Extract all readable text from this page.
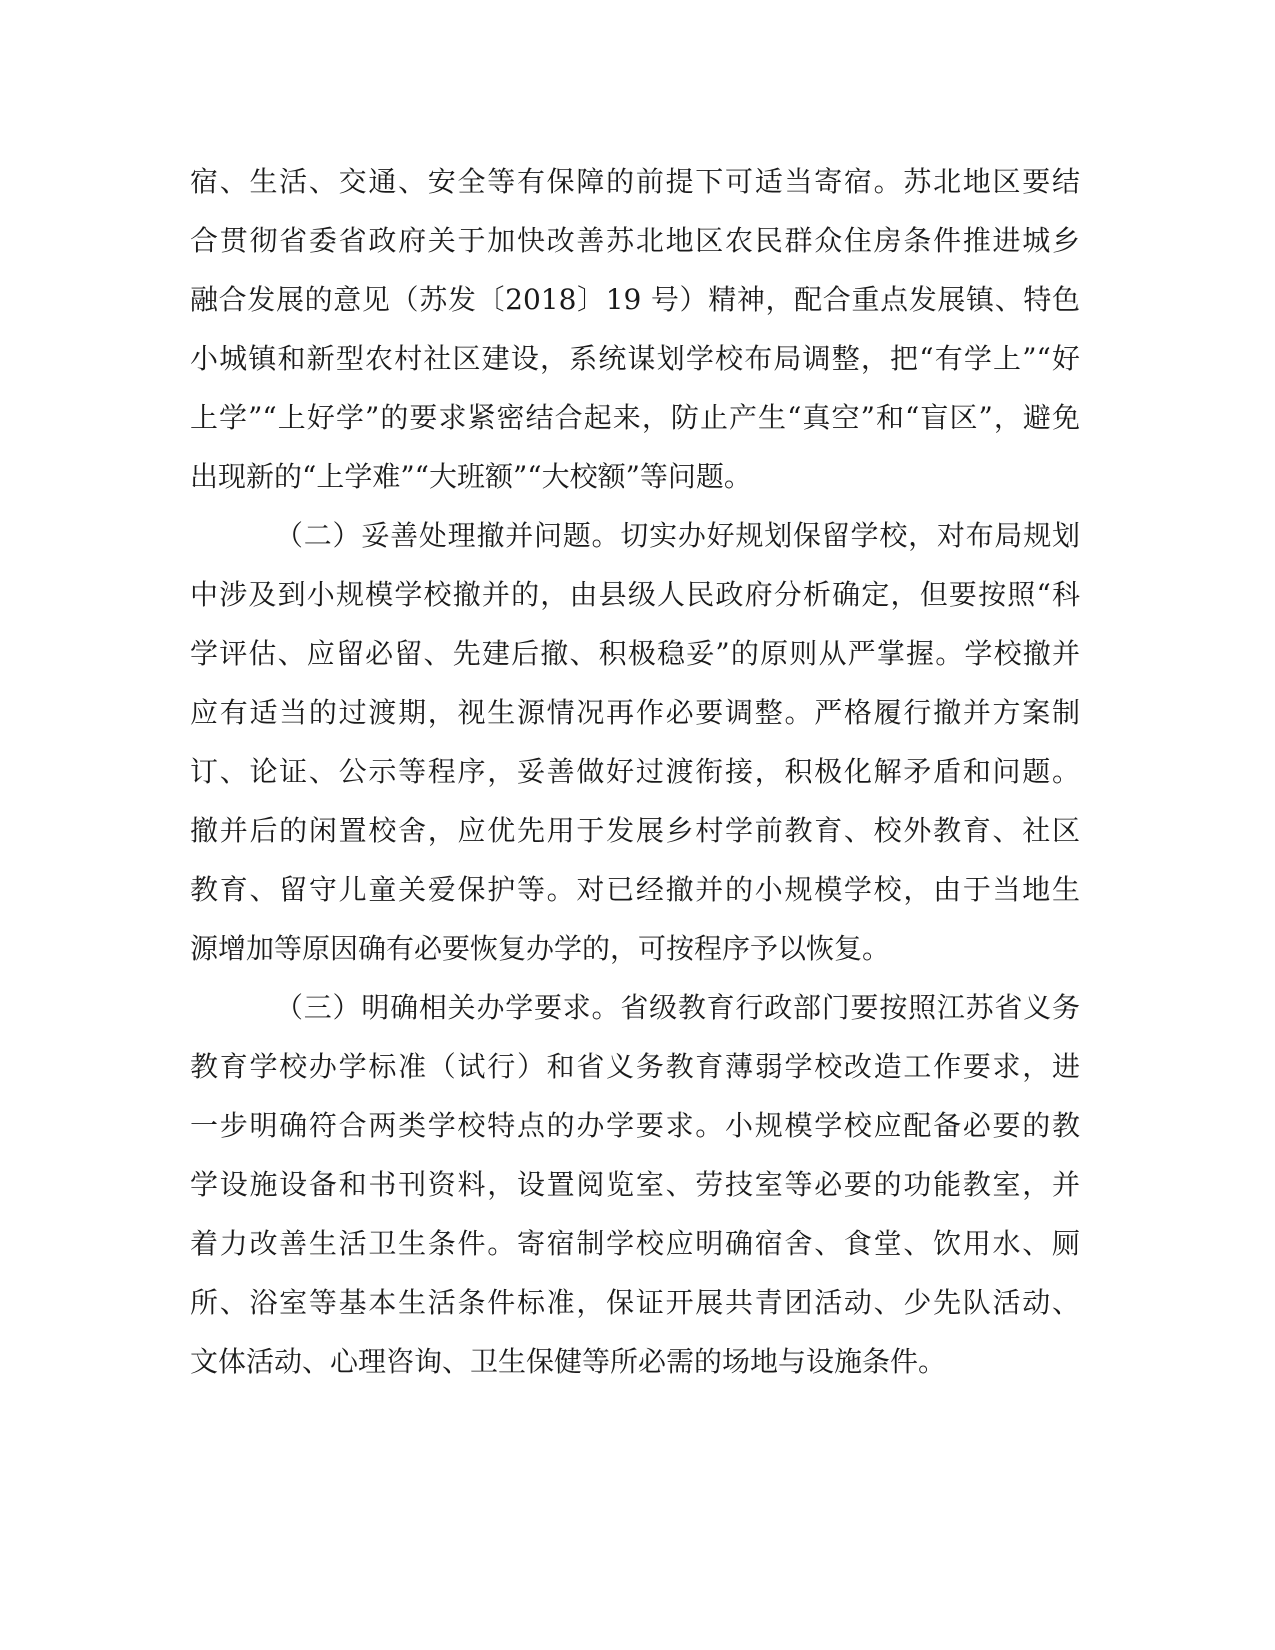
宿、生活、交通、安全等有保障的前提下可适当寄宿。苏北地区要结
合贯彻省委省政府关于加快改善苏北地区农民群众住房条件推进城乡
融合发展的意见（苏发〔2018〕19 号）精神，配合重点发展镇、特色
小城镇和新型农村社区建设，系统谋划学校布局调整，把“有学上”“好
上学”“上好学”的要求紧密结合起来，防止产生“真空”和“盲区”，避免
出现新的“上学难”“大班额”“大校额”等问题。
（二）妥善处理撤并问题。切实办好规划保留学校，对布局规划
中涉及到小规模学校撤并的，由县级人民政府分析确定，但要按照“科
学评估、应留必留、先建后撤、积极稳妥”的原则从严掌握。学校撤并
应有适当的过渡期，视生源情况再作必要调整。严格履行撤并方案制
订、论证、公示等程序，妥善做好过渡衔接，积极化解矛盾和问题。
撤并后的闲置校舍，应优先用于发展乡村学前教育、校外教育、社区
教育、留守儿童关爱保护等。对已经撤并的小规模学校，由于当地生
源增加等原因确有必要恢复办学的，可按程序予以恢复。
（三）明确相关办学要求。省级教育行政部门要按照江苏省义务
教育学校办学标准（试行）和省义务教育薄弱学校改造工作要求，进
一步明确符合两类学校特点的办学要求。小规模学校应配备必要的教
学设施设备和书刊资料，设置阅览室、劳技室等必要的功能教室，并
着力改善生活卫生条件。寄宿制学校应明确宿舍、食堂、饮用水、厕
所、浴室等基本生活条件标准，保证开展共青团活动、少先队活动、
文体活动、心理咨询、卫生保健等所必需的场地与设施条件。
